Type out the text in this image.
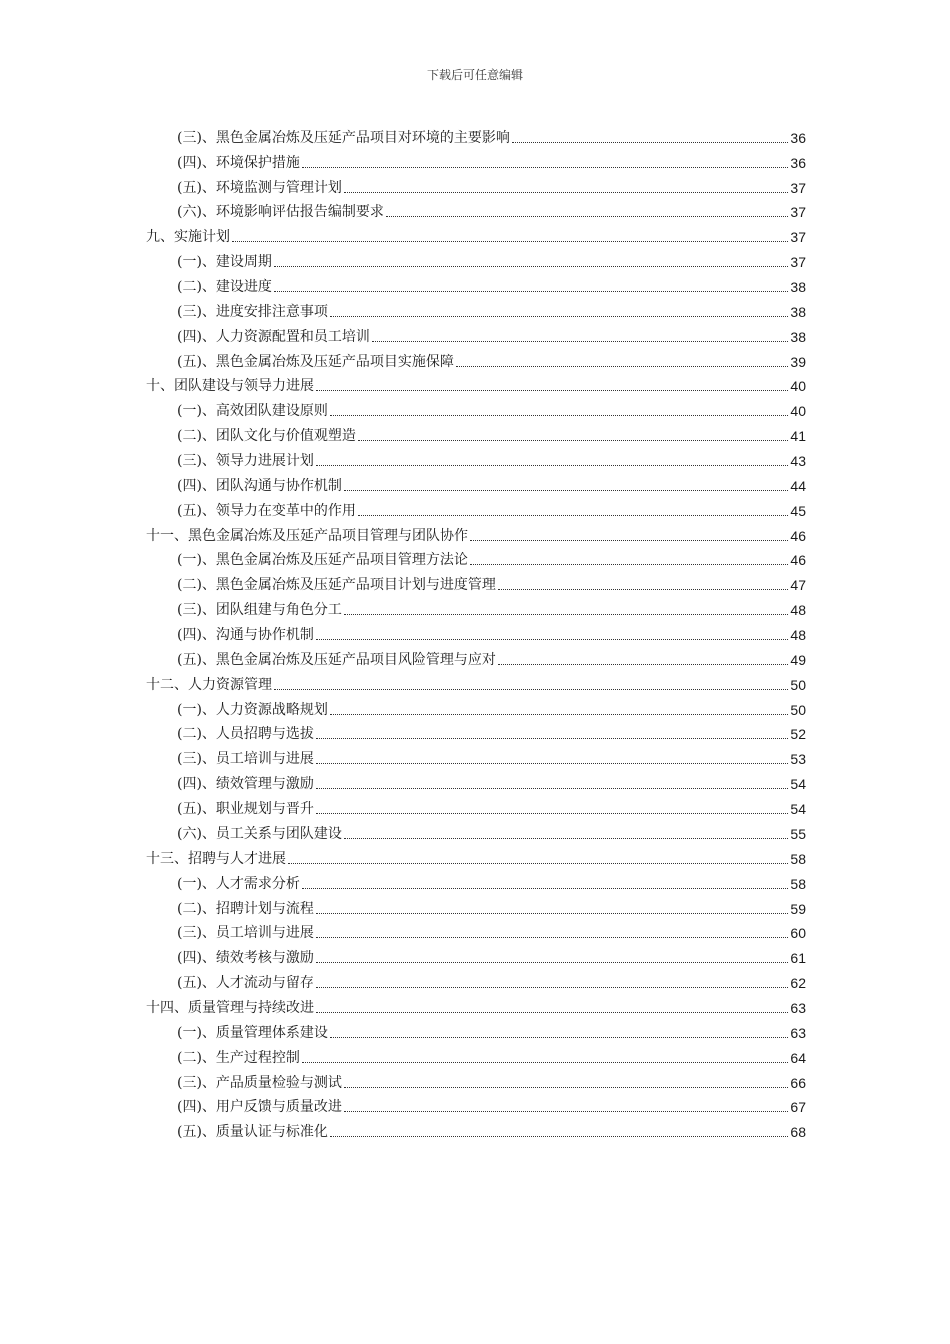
下载后可任意编辑
(三)、黑色金属冶炼及压延产品项目对环境的主要影响	36
(四)、环境保护措施	36
(五)、环境监测与管理计划	37
(六)、环境影响评估报告编制要求	37
九、实施计划	37
(一)、建设周期	37
(二)、建设进度	38
(三)、进度安排注意事项	38
(四)、人力资源配置和员工培训	38
(五)、黑色金属冶炼及压延产品项目实施保障	39
十、团队建设与领导力进展	40
(一)、高效团队建设原则	40
(二)、团队文化与价值观塑造	41
(三)、领导力进展计划	43
(四)、团队沟通与协作机制	44
(五)、领导力在变革中的作用	45
十一、黑色金属冶炼及压延产品项目管理与团队协作	46
(一)、黑色金属冶炼及压延产品项目管理方法论	46
(二)、黑色金属冶炼及压延产品项目计划与进度管理	47
(三)、团队组建与角色分工	48
(四)、沟通与协作机制	48
(五)、黑色金属冶炼及压延产品项目风险管理与应对	49
十二、人力资源管理	50
(一)、人力资源战略规划	50
(二)、人员招聘与选拔	52
(三)、员工培训与进展	53
(四)、绩效管理与激励	54
(五)、职业规划与晋升	54
(六)、员工关系与团队建设	55
十三、招聘与人才进展	58
(一)、人才需求分析	58
(二)、招聘计划与流程	59
(三)、员工培训与进展	60
(四)、绩效考核与激励	61
(五)、人才流动与留存	62
十四、质量管理与持续改进	63
(一)、质量管理体系建设	63
(二)、生产过程控制	64
(三)、产品质量检验与测试	66
(四)、用户反馈与质量改进	67
(五)、质量认证与标准化	68
